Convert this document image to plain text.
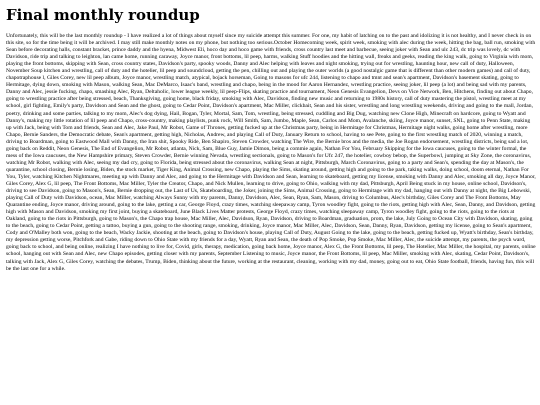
Final monthly roundup

Unfortunately, this will be the last monthly roundup - I have realized a lot of things about myself since my suicide attempt this summer. For one, my habit of latching on to the past and idolizing it is not healthy, and I never check in on this site, so for the time being it will be archived. I may still make monthly notes on my phone, but nothing too serious.October Homecoming week, spirit week, smoking with alec during the week, hitting the bag, ball run, smoking with Sean before decorating halls, constant bracket, prince daddy and the hyena, Midwest Eli, hoco day and hoco game with friends, cross country last meet and barbecue, seeing joker with Sean and ulc 243, dc trip was lovely, dc with Davidson, ride trip and talking to leighton, lan came home, running caraway, Joyce manor, front bottoms, lil peep, harms, walking Stuff hoodies and the hitting wall, freaks and geeks, reading the king walk, going to Virginia with mom, playing the front bottoms, skipping with Sean, cross country states, Davidson's party, spooky woods, Danny and Alec helping with leaves and night smoking, trying out for wrestling, haunting hour, new call of duty, Halloween, November Soup kitchen and wrestling, call of duty and the hotelier, lil peep and soundcloud, getting the pen, chilling out and playing the outer worlds (a good nostalgic game that is different than other modern games) and call of duty, chapotraphouse l, Giles Corey, new lil peep album, Joyce manor, wrestling match, atypical, bojack horseman, Going to masons for ufc 244, listening to chapo and tmnt and sean's apartment, Davidson's basement skating, going to Hermitage, dying down, smoking with Mason, walking Sean, Mac DeMarco, Isaac's band, wrestling and chapo, being in the mood for Aaron Hernandez, wrestling practice, seeing joker, lil peep (a lot) and being sad with my parents, Danny and Alec, jessie fucking, chapo, smashing Alec, Ryan, Deltaholic, lower league weekly, lil peep-Flips, skating practice and tournament, Neon Genesis Evangelion, Devs on Vice Network, Ben, Hitchens, finding out about Chapo, going to wrestling practice after being stressed, beach, Thanksgiving, going home, black friday, smoking with Alec, Davidson, finding new music and returning to 1980s history, call of duty mastering the pistol, wrestling meet at my school, girl fighting, Emily's party, Davidson and Sean and the ghost, going to Cedar Point, Davidson's apartment, Mac Miller, clickbait, Sean and his sister, wrestling and long wrestling weekends, driving and going to the mall, Jordan, poetry, drinking and some parties, talking to my mom, Alec's dog dying, Hail, Bogan, Tyler, Mortal, Sam, Tom, wrestling, being stressed, cuddling and Big Dug, watching new Clone High, Minecraft on hardcore, going to Wyatt and Danny's, making my little rotation of lil peep and Chapo, cross-country, making playlists, punk rock, Will Smith, Sam, Jumbo, Maple, Sean, Carlos and Mom, Avalanche, skiing, Joyce manor, sunset, SNL, going to Penn State, making up with Jack, being with Tom and friends, Sean and Alec, Jake Paul, Mr Robot, Game of Thrones, getting fucked up at the Christmas party, being in Hermitage for Christmas, Hermitage night walks, going home after wrestling, more Chapo, Bernie Sanders, the Democratic debate, Sean's apartment, getting high, Nicholas, Andrew, and playing Call of Duty, January Return to school, having to see Pete, going to the first wrestling match of 2020, winning a match, driving to Boardman, going to Eastwood Mall with Danny, the Iran shit, Spooky Ride, Ben Shapiro, Steven Crowder, watching The Wire, the Bernie bros and the media, the Joe Rogan endorsement, wrestling districts, being sad a lot, going back on Reddit, Neon Genesis, The End of Evangelion, Mr Robot, atlanta, Nick, Sam, Blue Guy, Jamie Dimon, being a commie again, Nathan For You, February Skipping for the Iowa caucuses, going to the winter formal, the mess of the Iowa caucuses, the New Hampshire primary, Steven Crowder, Bernie winning Nevada, wrestling sectionals, going to Mason's for Ufc 247, the hotelier, cowboy bebop, the Superbowl, jumping at Sky Zone, the coronavirus, watching Mr Robot, walking with Alec, seeing my dad cry, going to Florida, being stressed about the coronavirus, walking Sean at night, Pittsburgh, March Coronavirus, going to a party and Sean's, spending the day at Mason's, the quarantine, school closing, Bernie losing, Biden, the stock market, Tiger King, Animal Crossing, new Chapo, playing the Sims, skating around, getting high and going to the park, taking walks, doing school, doom eternal, Nathan For You, Tyler, watching Kitchen Nightmares, meeting up with Danny and Alec, and going to the Hermitage with Davidson and Sean, learning to skateboard, getting my license, smoking with Danny and Alec, smoking all day, Joyce Manor, Giles Corey, Alex G, lil peep, The Front Bottoms, Mac Miller, Tyler the Creator, Chapo, and Nick Mullen, learning to drive, going to Ohio, walking with my dad, Pittsburgh, April Being stuck in my house, online school, Davidson's, driving to see Davidson, going to Mason's, Sean, Bernie dropping out, the Last of Us, Skateboarding, the Joker, joining the Sims, Animal Crossing, going to Hermitage with my dad, hanging out with Danny at night, the Big Lebowski, playing Call of Duty with Davidson, ocean, Mac Miller, watching Always Sunny with my parents, Danny, Davidson, Alec, Sean, Ryan, Sam, Mason, driving to Columbus, Alec's birthday, Giles Corey and The Front Bottoms, May Quarantine ending, Joyce manor, driving around, going to the lake, getting a car, George Floyd, crazy times, watching sleepaway camp, Tyron woodley fight, going to the riots, getting high with Alec, Sean, Danny, and Davidson, getting high with Mason and Davidson, smoking my first joint, buying a skateboard, June Black Lives Matter protests, George Floyd, crazy times, watching sleepaway camp, Tyron woodley fight, going to the riots, going to the riots at Oakland, going to the riots in Pittsburgh, going to Mason's, the Chapo trap house, Mac Miller, Alec, Davidson, Ryan, Davidson, driving to Boardman, graduation, prom, the lake, July Going to Ocean City with Davidson, skating, going to the beach, going to Cedar Point, getting a tattoo, buying a gun, going to the shooting range, smoking, drinking, Joyce manor, Mac Miller, Alec, Davidson, Sean, Danny, Ryan, Davidson, getting my license, going to Sean's apartment, Cody and O'Malley both won, going to the beach, Wacky Jackie, shooting at the beach, going to Davidson's house, playing Call of Duty, August Going to the lake, going to the beach, getting fucked up, Wyatt's birthday, Sean's birthday, my depression getting worse, Pitchfork and Gabe, riding down to Ohio State with my friends for a day, Wyatt, Ryan and Sean, the death of Pop Smoke, Pop Smoke, Mac Miller, Alec, the suicide attempt, my parents, the psych ward, going back to school, and being online, realizing I have nothing to live for, Covid, girls, therapy, medication, going back home, Joyce manor, Alex G, the Front Bottoms, lil peep, The Hotelier, Mac Miller, the hospital, my parents, online school, hanging out with Sean and Alec, new Chapo episodes, getting closer with my parents, September Listening to music, Joyce manor, the Front Bottoms, lil peep, Mac Miller, smoking with Alec, skating, Cedar Point, Davidson's, talking with Jack, Alex G, Giles Corey, watching the debates, Trump, Biden, thinking about the future, working at the restaurant, cleaning, working with my dad, money, going out to eat, Ohio State football, friends, having fun, this will be the last one for a while.
